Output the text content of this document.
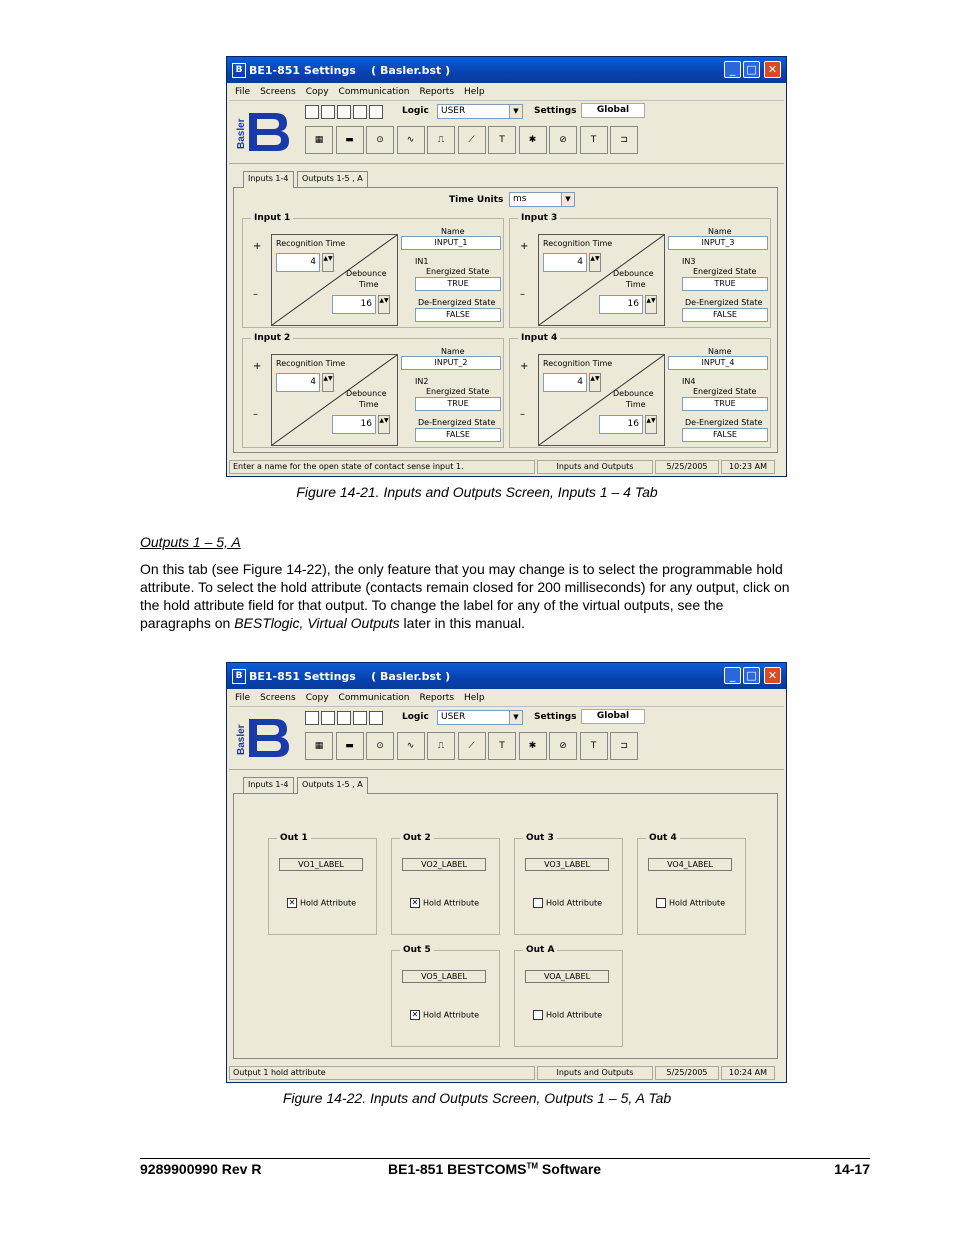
B BE1-851 Settings    ( Basler.bst )	_	□	✕
File Screens Copy Communication Reports Help
Basler
Logic	USER	▼	Settings	Global
▦	▬	⊙	∿	⎍	⟋	T	✱	⊘	T	⊐
Inputs 1-4	Outputs 1-5 , A
Time Units	ms	▼
Input 1
+
–
Recognition Time
4	▲▼
Debounce
Time
16	▲▼
Name
INPUT_1
IN1
Energized State
TRUE
De-Energized State
FALSE
Input 3
+
–
Recognition Time
4	▲▼
Debounce
Time
16	▲▼
Name
INPUT_3
IN3
Energized State
TRUE
De-Energized State
FALSE
Input 2
+
–
Recognition Time
4	▲▼
Debounce
Time
16	▲▼
Name
INPUT_2
IN2
Energized State
TRUE
De-Energized State
FALSE
Input 4
+
–
Recognition Time
4	▲▼
Debounce
Time
16	▲▼
Name
INPUT_4
IN4
Energized State
TRUE
De-Energized State
FALSE
Enter a name for the open state of contact sense input 1.	Inputs and Outputs	5/25/2005	10:23 AM
Figure 14-21. Inputs and Outputs Screen, Inputs 1 – 4 Tab
Outputs 1 – 5, A
On this tab (see Figure 14-22), the only feature that you may change is to select the programmable hold
attribute. To select the hold attribute (contacts remain closed for 200 milliseconds) for any output, click on
the hold attribute field for that output. To change the label for any of the virtual outputs, see the
paragraphs on BESTlogic, Virtual Outputs later in this manual.
B BE1-851 Settings    ( Basler.bst )	_	□	✕
File Screens Copy Communication Reports Help
Basler
Logic	USER	▼	Settings	Global
▦	▬	⊙	∿	⎍	⟋	T	✱	⊘	T	⊐
Inputs 1-4	Outputs 1-5 , A
Out 1
VO1_LABEL
✕ Hold Attribute
Out 2
VO2_LABEL
✕ Hold Attribute
Out 3
VO3_LABEL
Hold Attribute
Out 4
VO4_LABEL
Hold Attribute
Out 5
VO5_LABEL
✕ Hold Attribute
Out A
VOA_LABEL
Hold Attribute
Output 1 hold attribute	Inputs and Outputs	5/25/2005	10:24 AM
Figure 14-22. Inputs and Outputs Screen, Outputs 1 – 5, A Tab
9289900990 Rev R	BE1-851 BESTCOMS™ Software	14-17
